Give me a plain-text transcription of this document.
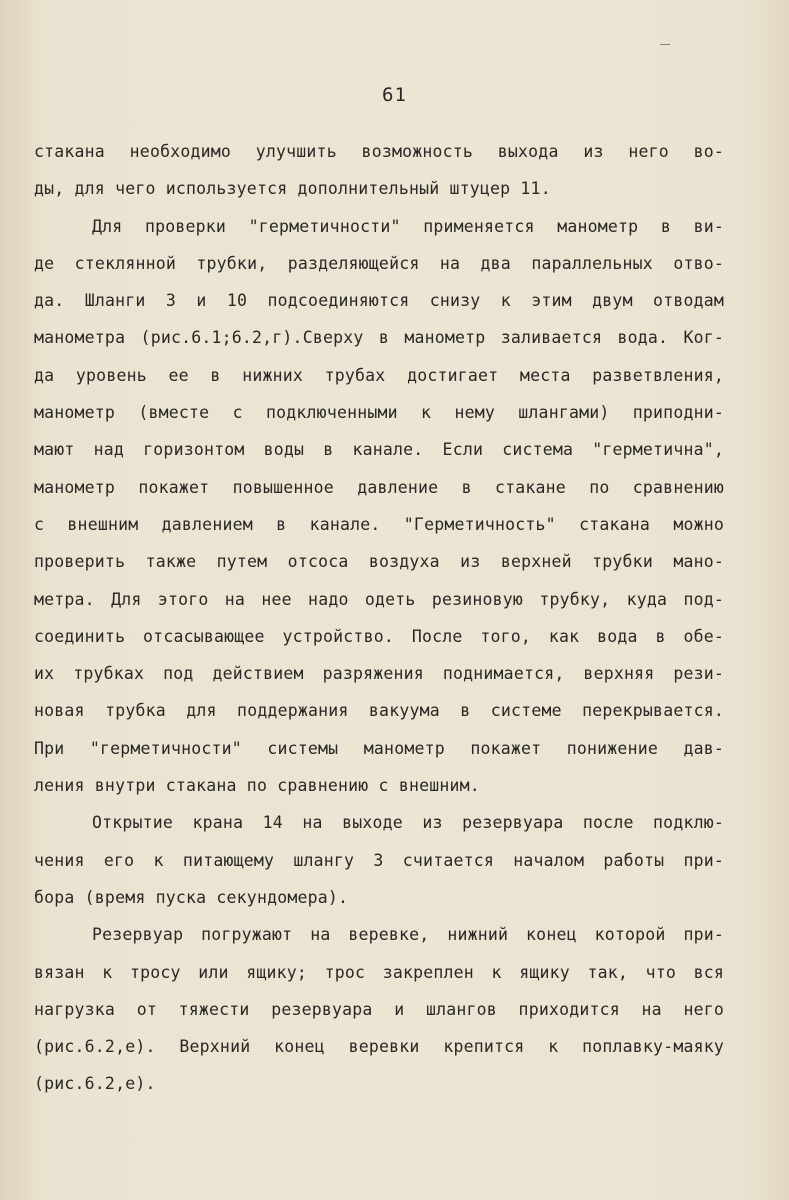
61
стакана необходимо улучшить возможность выхода из него во-
ды, для чего используется дополнительный штуцер 11.
Для проверки "герметичности" применяется манометр в ви-
де стеклянной трубки, разделяющейся на два параллельных отво-
да. Шланги 3 и 10 подсоединяются снизу к этим двум отводам
манометра (рис.6.1;6.2,г).Сверху в манометр заливается вода. Ког-
да уровень ее в нижних трубах достигает места разветвления,
манометр (вместе с подключенными к нему шлангами) приподни-
мают над горизонтом воды в канале. Если система "герметична",
манометр покажет повышенное давление в стакане по сравнению
с внешним давлением в канале. "Герметичность" стакана можно
проверить также путем отсоса воздуха из верхней трубки мано-
метра. Для этого на нее надо одеть резиновую трубку, куда под-
соединить отсасывающее устройство. После того, как вода в обе-
их трубках под действием разряжения поднимается, верхняя рези-
новая трубка для поддержания вакуума в системе перекрывается.
При "герметичности" системы манометр покажет понижение дав-
ления внутри стакана по сравнению с внешним.
Открытие крана 14 на выходе из резервуара после подклю-
чения его к питающему шлангу 3 считается началом работы при-
бора (время пуска секундомера).
Резервуар погружают на веревке, нижний конец которой при-
вязан к тросу или ящику; трос закреплен к ящику так, что вся
нагрузка от тяжести резервуара и шлангов приходится на него
(рис.6.2,е). Верхний конец веревки крепится к поплавку-маяку
(рис.6.2,е).
